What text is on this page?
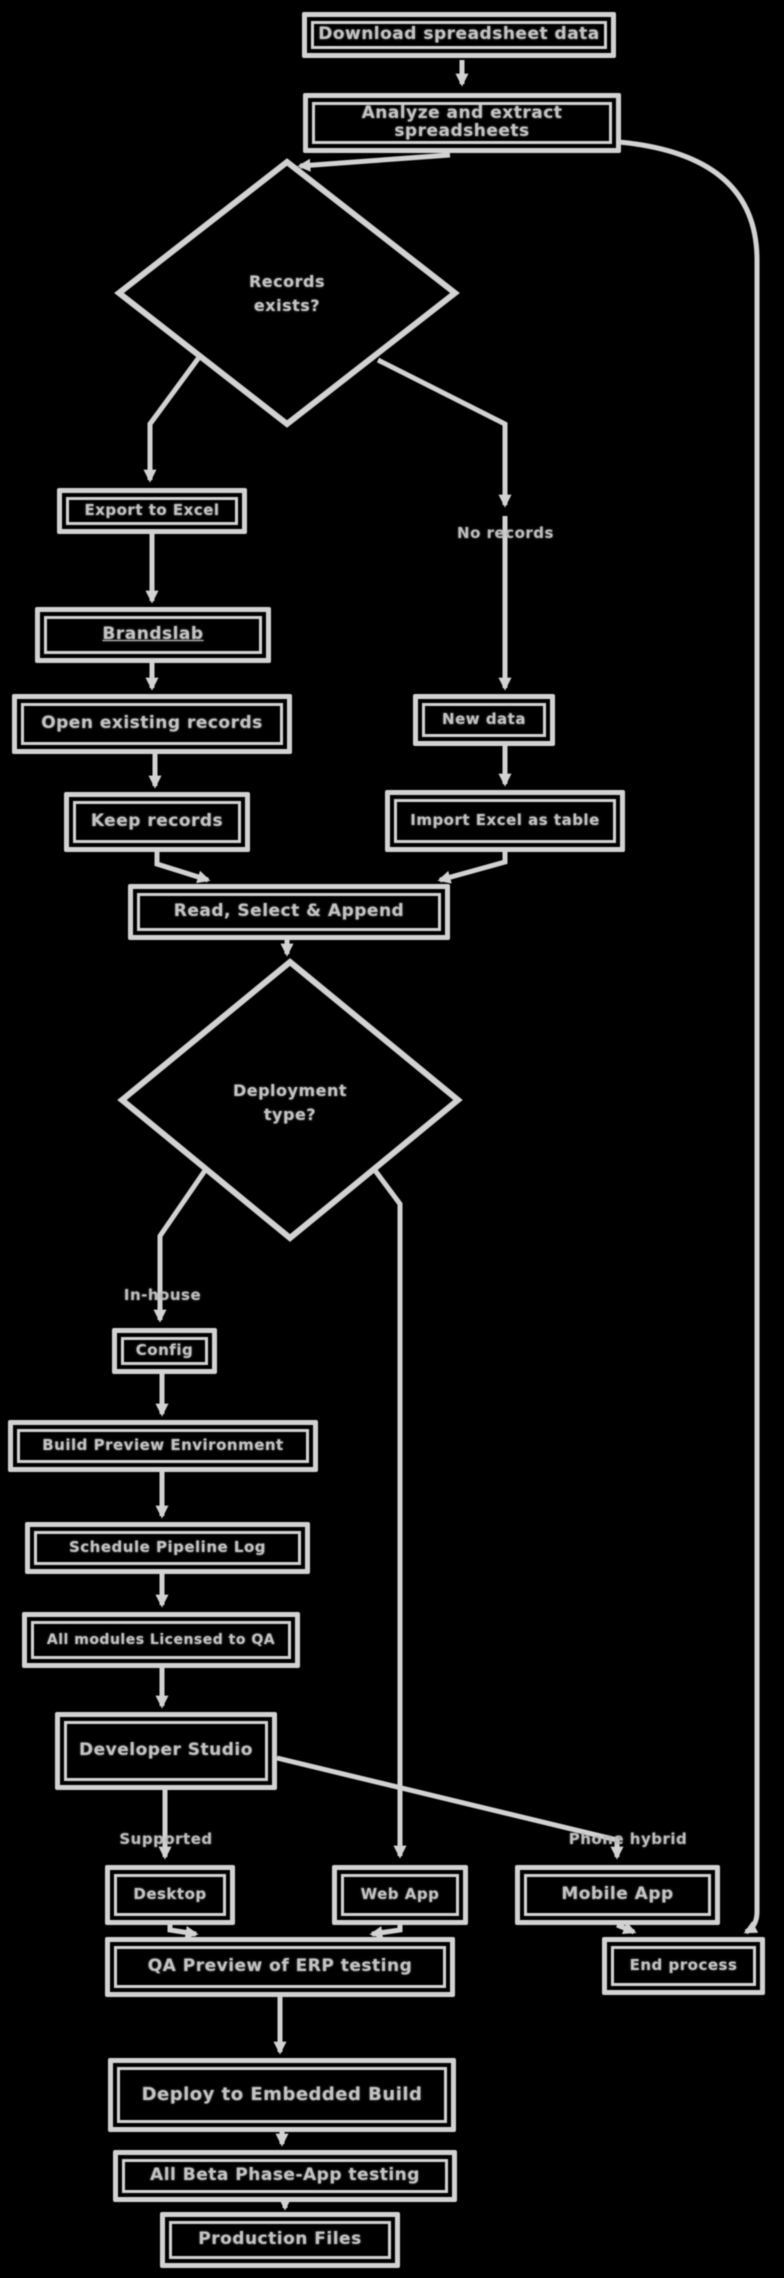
Download spreadsheet data
Analyze and extract spreadsheets
Records
exists?
Export to Excel
Brandslab
Open existing records
Keep records
No records
New data
Import Excel as table
Read, Select & Append
Deployment
type?
In-house
Config
Build Preview Environment
Schedule Pipeline Log
All modules Licensed to QA
Developer Studio
Supported	Phone hybrid
Desktop	Web App	Mobile App
QA Preview of ERP testing	End process
Deploy to Embedded Build
All Beta Phase-App testing
Production Files
